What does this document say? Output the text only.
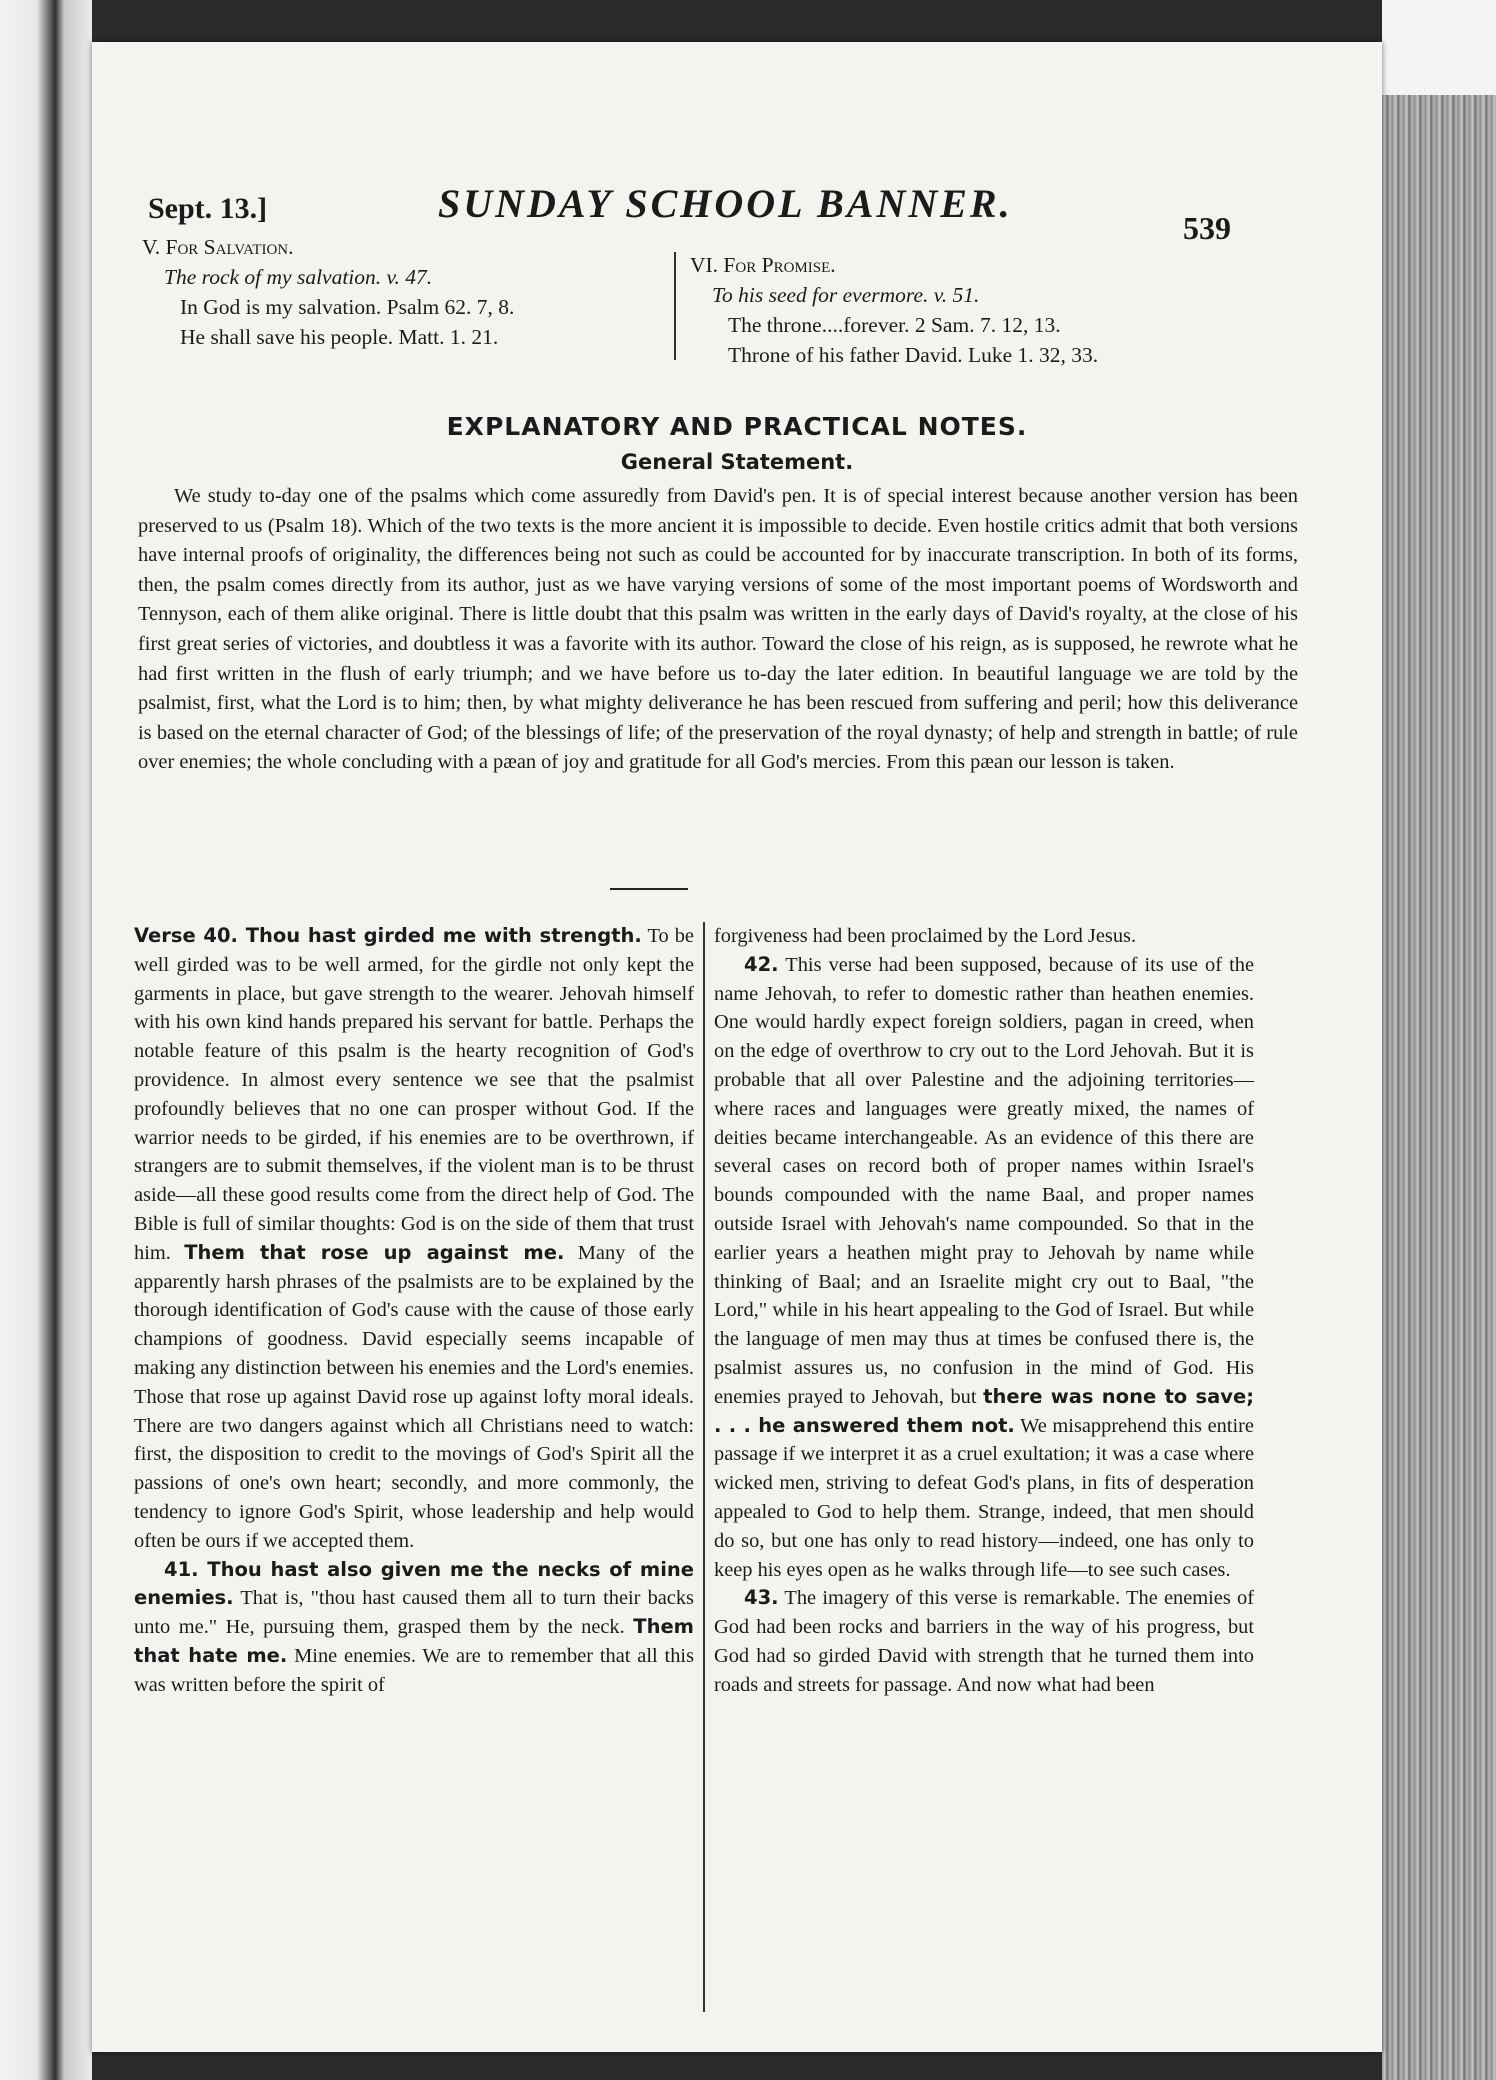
Sept. 13.]	SUNDAY SCHOOL BANNER.
539
V. For Salvation.
The rock of my salvation. v. 47.
In God is my salvation. Psalm 62. 7, 8.
He shall save his people. Matt. 1. 21.
VI. For Promise.
To his seed for evermore. v. 51.
The throne....forever. 2 Sam. 7. 12, 13.
Throne of his father David. Luke 1. 32, 33.
EXPLANATORY AND PRACTICAL NOTES.
General Statement.

We study to-day one of the psalms which come assuredly from David's pen. It is of special interest because another version has been preserved to us (Psalm 18). Which of the two texts is the more ancient it is impossible to decide. Even hostile critics admit that both versions have internal proofs of originality, the differences being not such as could be accounted for by inaccurate transcription. In both of its forms, then, the psalm comes directly from its author, just as we have varying versions of some of the most important poems of Wordsworth and Tennyson, each of them alike original. There is little doubt that this psalm was written in the early days of David's royalty, at the close of his first great series of victories, and doubtless it was a favorite with its author. Toward the close of his reign, as is supposed, he rewrote what he had first written in the flush of early triumph; and we have before us to-day the later edition. In beautiful language we are told by the psalmist, first, what the Lord is to him; then, by what mighty deliverance he has been rescued from suffering and peril; how this deliverance is based on the eternal character of God; of the blessings of life; of the preservation of the royal dynasty; of help and strength in battle; of rule over enemies; the whole concluding with a pæan of joy and gratitude for all God's mercies. From this pæan our lesson is taken.

Verse 40. Thou hast girded me with strength. To be well girded was to be well armed, for the girdle not only kept the garments in place, but gave strength to the wearer. Jehovah himself with his own kind hands prepared his servant for battle. Perhaps the notable feature of this psalm is the hearty recognition of God's providence. In almost every sentence we see that the psalmist profoundly believes that no one can prosper without God. If the warrior needs to be girded, if his enemies are to be overthrown, if strangers are to submit themselves, if the violent man is to be thrust aside—all these good results come from the direct help of God. The Bible is full of similar thoughts: God is on the side of them that trust him. Them that rose up against me. Many of the apparently harsh phrases of the psalmists are to be explained by the thorough identification of God's cause with the cause of those early champions of goodness. David especially seems incapable of making any distinction between his enemies and the Lord's enemies. Those that rose up against David rose up against lofty moral ideals. There are two dangers against which all Christians need to watch: first, the disposition to credit to the movings of God's Spirit all the passions of one's own heart; secondly, and more commonly, the tendency to ignore God's Spirit, whose leadership and help would often be ours if we accepted them.

41. Thou hast also given me the necks of mine enemies. That is, "thou hast caused them all to turn their backs unto me." He, pursuing them, grasped them by the neck. Them that hate me. Mine enemies. We are to remember that all this was written before the spirit of

forgiveness had been proclaimed by the Lord Jesus.

42. This verse had been supposed, because of its use of the name Jehovah, to refer to domestic rather than heathen enemies. One would hardly expect foreign soldiers, pagan in creed, when on the edge of overthrow to cry out to the Lord Jehovah. But it is probable that all over Palestine and the adjoining territories—where races and languages were greatly mixed, the names of deities became interchangeable. As an evidence of this there are several cases on record both of proper names within Israel's bounds compounded with the name Baal, and proper names outside Israel with Jehovah's name compounded. So that in the earlier years a heathen might pray to Jehovah by name while thinking of Baal; and an Israelite might cry out to Baal, "the Lord," while in his heart appealing to the God of Israel. But while the language of men may thus at times be confused there is, the psalmist assures us, no confusion in the mind of God. His enemies prayed to Jehovah, but there was none to save; . . . he answered them not. We misapprehend this entire passage if we interpret it as a cruel exultation; it was a case where wicked men, striving to defeat God's plans, in fits of desperation appealed to God to help them. Strange, indeed, that men should do so, but one has only to read history—indeed, one has only to keep his eyes open as he walks through life—to see such cases.

43. The imagery of this verse is remarkable. The enemies of God had been rocks and barriers in the way of his progress, but God had so girded David with strength that he turned them into roads and streets for passage. And now what had been
